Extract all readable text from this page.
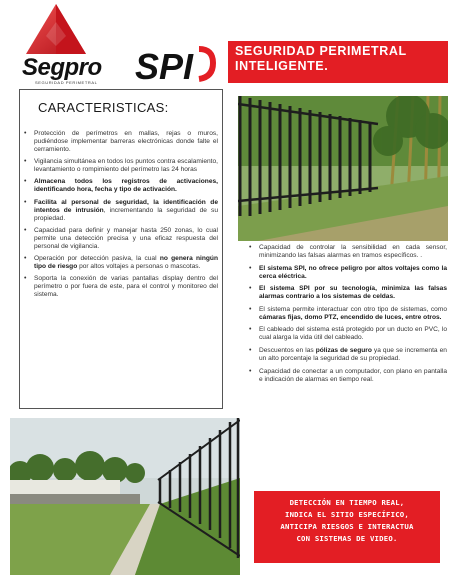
Segpro
SEGURIDAD PERIMETRAL SPI	SEGURIDAD PERIMETRAL
INTELIGENTE.
CARACTERISTICAS:
• Protección de perímetros en mallas, rejas o muros, pudiéndose implementar barreras electrónicas donde falte el cerramiento.
• Vigilancia simultánea en todos los puntos contra escalamiento, levantamiento o rompimiento del perímetro las 24 horas
• Almacena todos los registros de activaciones, identificando hora, fecha y tipo de activación.
• Facilita al personal de seguridad, la identificación de intentos de intrusión, incrementando la seguridad de su propiedad.
• Capacidad para definir y manejar hasta 250 zonas, lo cual permite una detección precisa y una eficaz respuesta del personal de vigilancia.
• Operación por detección pasiva, la cual no genera ningún tipo de riesgo por altos voltajes a personas o mascotas.
• Soporta la conexión de varias pantallas display dentro del perímetro o por fuera de este, para el control y monitoreo del sistema.
• Capacidad de controlar la sensibilidad en cada sensor, minimizando las falsas alarmas en tramos específicos. .
• El sistema SPI, no ofrece peligro por altos voltajes como la cerca eléctrica.
• El sistema SPI por su tecnología, minimiza las falsas alarmas contrario a los sistemas de celdas.
• El sistema permite interactuar con otro tipo de sistemas, como cámaras fijas, domo PTZ, encendido de luces, entre otros.
• El cableado del sistema está protegido por un ducto en PVC, lo cual alarga la vida útil del cableado.
• Descuentos en las pólizas de seguro ya que se incrementa en un alto porcentaje la seguridad de su propiedad.
• Capacidad de conectar a un computador, con plano en pantalla e indicación de alarmas en tiempo real.
DETECCIÓN EN TIEMPO REAL,
INDICA EL SITIO ESPECÍFICO,
ANTICIPA RIESGOS E INTERACTUA
CON SISTEMAS DE VIDEO.
